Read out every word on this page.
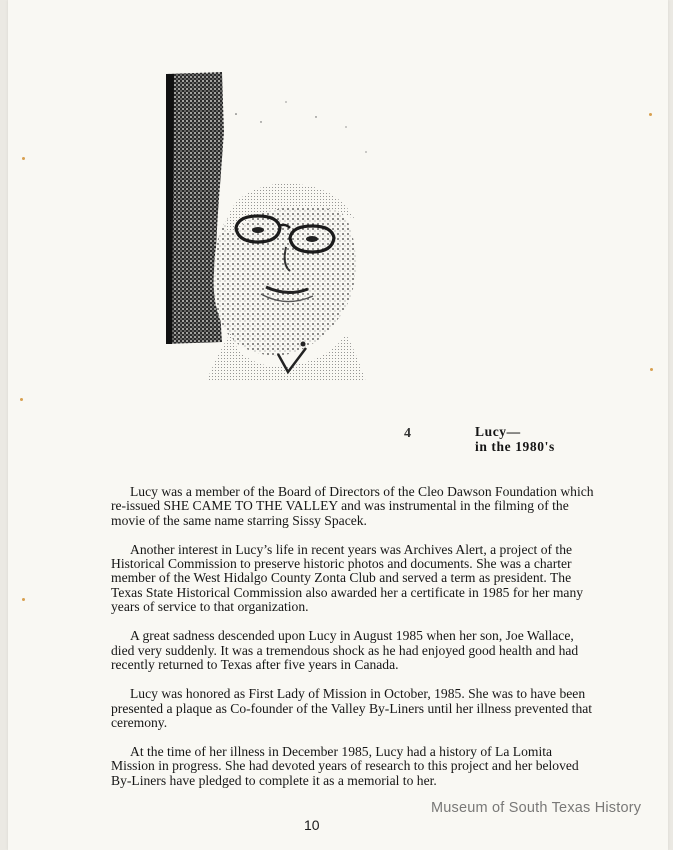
4	Lucy—
in the 1980's

Lucy was a member of the Board of Directors of the Cleo Dawson Foundation which re-issued SHE CAME TO THE VALLEY and was instrumental in the filming of the movie of the same name starring Sissy Spacek.

Another interest in Lucy’s life in recent years was Archives Alert, a project of the Historical Commission to preserve historic photos and documents. She was a charter member of the West Hidalgo County Zonta Club and served a term as president. The Texas State Historical Commission also awarded her a certificate in 1985 for her many years of service to that organization.

A great sadness descended upon Lucy in August 1985 when her son, Joe Wallace, died very suddenly. It was a tremendous shock as he had enjoyed good health and had recently returned to Texas after five years in Canada.

Lucy was honored as First Lady of Mission in October, 1985. She was to have been presented a plaque as Co-founder of the Valley By-Liners until her illness prevented that ceremony.

At the time of her illness in December 1985, Lucy had a history of La Lomita Mission in progress. She had devoted years of research to this project and her beloved By-Liners have pledged to complete it as a memorial to her.

Museum of South Texas History
10
